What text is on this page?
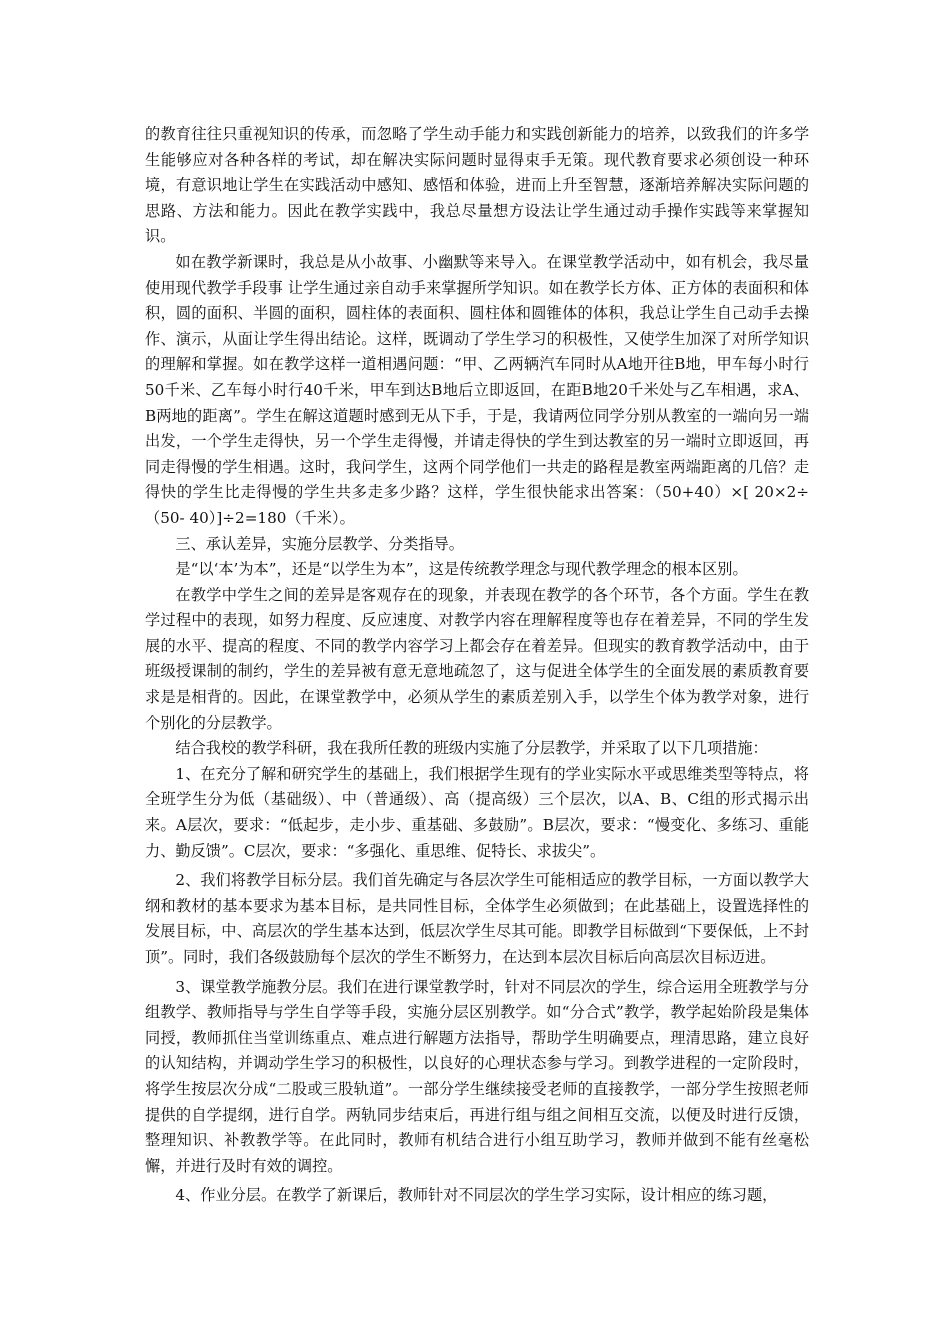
的教育往往只重视知识的传承，而忽略了学生动手能力和实践创新能力的培养，以致我们的许多学生能够应对各种各样的考试，却在解决实际问题时显得束手无策。现代教育要求必须创设一种环境，有意识地让学生在实践活动中感知、感悟和体验，进而上升至智慧，逐渐培养解决实际问题的思路、方法和能力。因此在教学实践中，我总尽量想方设法让学生通过动手操作实践等来掌握知识。

如在教学新课时，我总是从小故事、小幽默等来导入。在课堂教学活动中，如有机会，我尽量使用现代教学手段事 让学生通过亲自动手来掌握所学知识。如在教学长方体、正方体的表面积和体积，圆的面积、半圆的面积，圆柱体的表面积、圆柱体和圆锥体的体积，我总让学生自己动手去操作、演示，从面让学生得出结论。这样，既调动了学生学习的积极性，又使学生加深了对所学知识的理解和掌握。如在教学这样一道相遇问题：“甲、乙两辆汽车同时从A地开往B地，甲车每小时行50千米、乙车每小时行40千米，甲车到达B地后立即返回，在距B地20千米处与乙车相遇，求A、B两地的距离”。学生在解这道题时感到无从下手，于是，我请两位同学分别从教室的一端向另一端出发，一个学生走得快，另一个学生走得慢，并请走得快的学生到达教室的另一端时立即返回，再同走得慢的学生相遇。这时，我问学生，这两个同学他们一共走的路程是教室两端距离的几倍？走得快的学生比走得慢的学生共多走多少路？这样，学生很快能求出答案：（50+40）×[ 20×2÷（50- 40）]÷2=180（千米）。

三、承认差异，实施分层教学、分类指导。

是“以‘本’为本”，还是“以学生为本”，这是传统教学理念与现代教学理念的根本区别。

在教学中学生之间的差异是客观存在的现象，并表现在教学的各个环节，各个方面。学生在教学过程中的表现，如努力程度、反应速度、对教学内容在理解程度等也存在着差异，不同的学生发展的水平、提高的程度、不同的教学内容学习上都会存在着差异。但现实的教育教学活动中，由于班级授课制的制约，学生的差异被有意无意地疏忽了，这与促进全体学生的全面发展的素质教育要求是是相背的。因此，在课堂教学中，必须从学生的素质差别入手，以学生个体为教学对象，进行个别化的分层教学。

结合我校的教学科研，我在我所任教的班级内实施了分层教学，并采取了以下几项措施：

1、在充分了解和研究学生的基础上，我们根据学生现有的学业实际水平或思维类型等特点，将全班学生分为低（基础级）、中（普通级）、高（提高级）三个层次，以A、B、C组的形式揭示出来。A层次，要求：“低起步，走小步、重基础、多鼓励”。B层次，要求：“慢变化、多练习、重能力、勤反馈”。C层次，要求：“多强化、重思维、促特长、求拔尖”。

2、我们将教学目标分层。我们首先确定与各层次学生可能相适应的教学目标，一方面以教学大纲和教材的基本要求为基本目标，是共同性目标，全体学生必须做到；在此基础上，设置选择性的发展目标，中、高层次的学生基本达到，低层次学生尽其可能。即教学目标做到“下要保低，上不封顶”。同时，我们各级鼓励每个层次的学生不断努力，在达到本层次目标后向高层次目标迈进。

3、课堂教学施教分层。我们在进行课堂教学时，针对不同层次的学生，综合运用全班教学与分组教学、教师指导与学生自学等手段，实施分层区别教学。如“分合式”教学，教学起始阶段是集体同授，教师抓住当堂训练重点、难点进行解题方法指导，帮助学生明确要点，理清思路，建立良好的认知结构，并调动学生学习的积极性，以良好的心理状态参与学习。到教学进程的一定阶段时，将学生按层次分成“二股或三股轨道”。一部分学生继续接受老师的直接教学，一部分学生按照老师提供的自学提纲，进行自学。两轨同步结束后，再进行组与组之间相互交流，以便及时进行反馈，整理知识、补教教学等。在此同时，教师有机结合进行小组互助学习，教师并做到不能有丝毫松懈，并进行及时有效的调控。

4、作业分层。在教学了新课后，教师针对不同层次的学生学习实际，设计相应的练习题，
